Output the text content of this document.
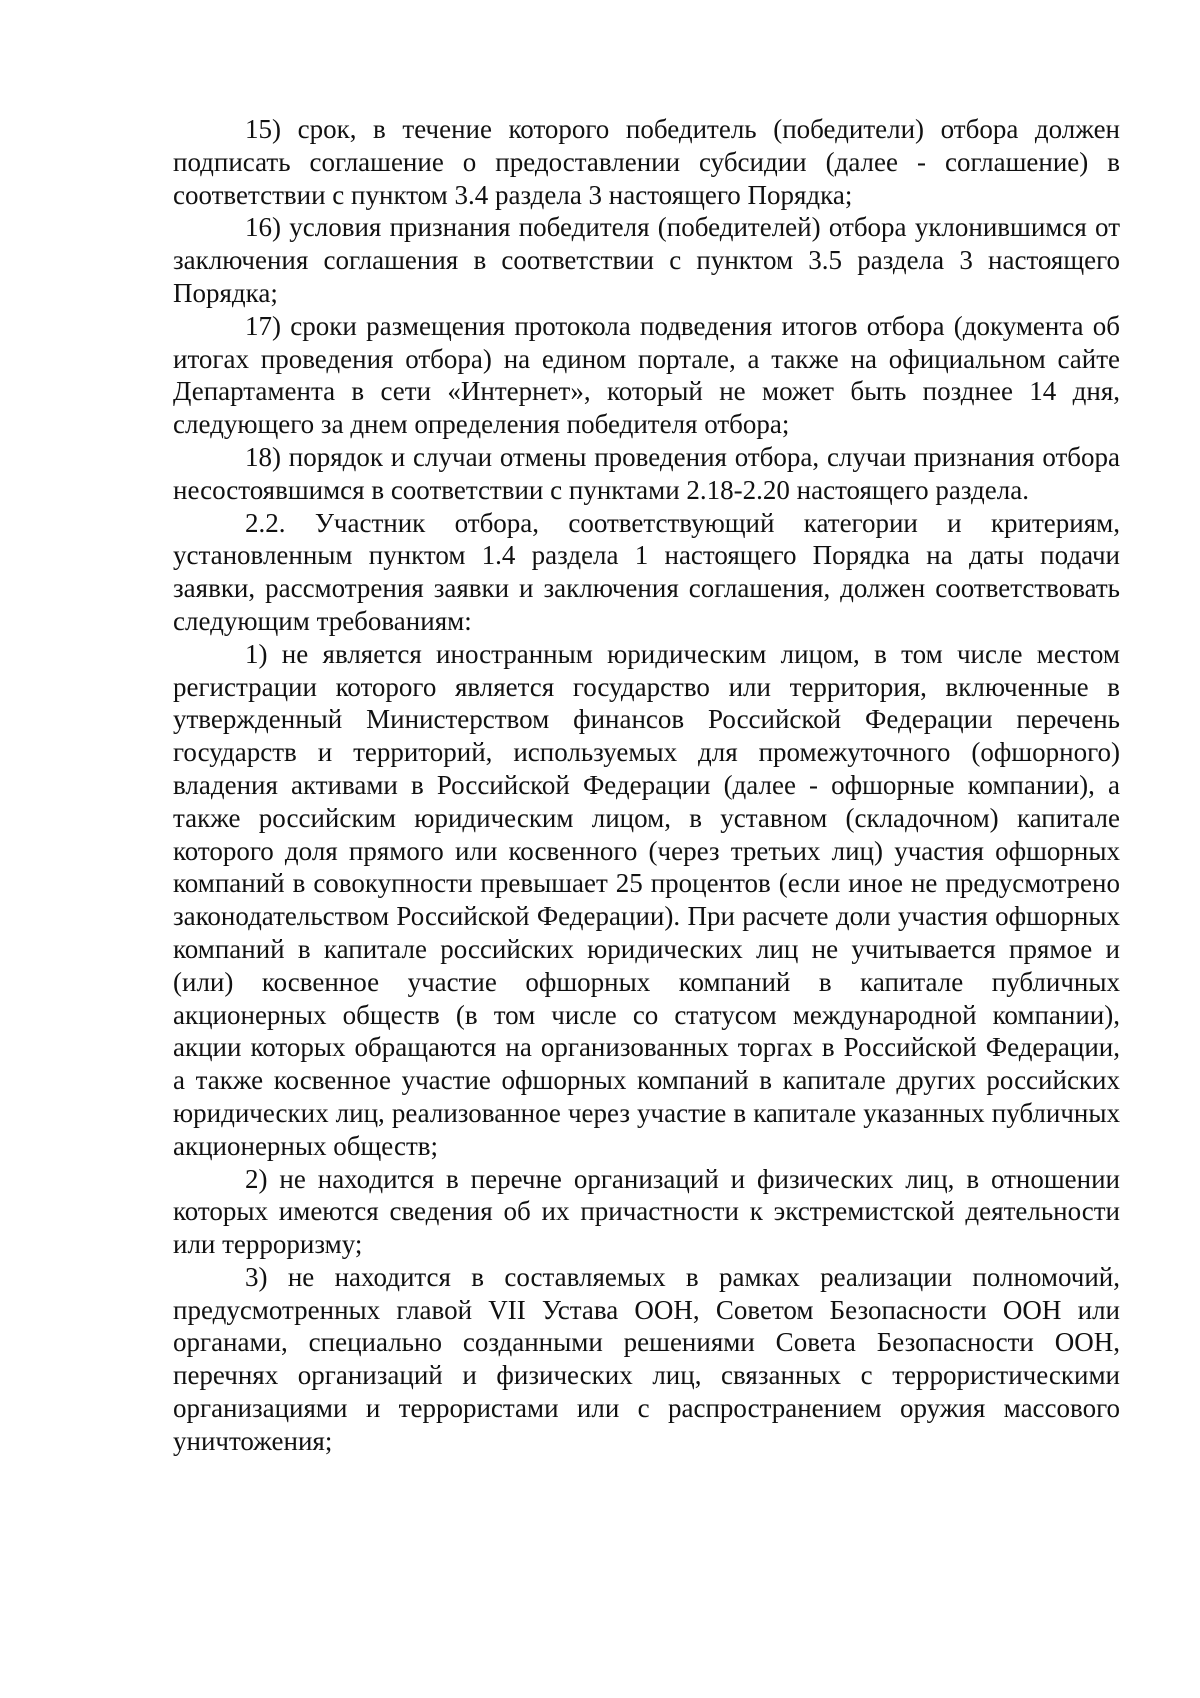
15) срок, в течение которого победитель (победители) отбора должен подписать соглашение о предоставлении субсидии (далее - соглашение) в соответствии с пунктом 3.4 раздела 3 настоящего Порядка;

16) условия признания победителя (победителей) отбора уклонившимся от заключения соглашения в соответствии с пунктом 3.5 раздела 3 настоящего Порядка;

17) сроки размещения протокола подведения итогов отбора (документа об итогах проведения отбора) на едином портале, а также на официальном сайте Департамента в сети «Интернет», который не может быть позднее 14 дня, следующего за днем определения победителя отбора;

18) порядок и случаи отмены проведения отбора, случаи признания отбора несостоявшимся в соответствии с пунктами 2.18-2.20 настоящего раздела.

2.2. Участник отбора, соответствующий категории и критериям, установленным пунктом 1.4 раздела 1 настоящего Порядка на даты подачи заявки, рассмотрения заявки и заключения соглашения, должен соответствовать следующим требованиям:

1) не является иностранным юридическим лицом, в том числе местом регистрации которого является государство или территория, включенные в утвержденный Министерством финансов Российской Федерации перечень государств и территорий, используемых для промежуточного (офшорного) владения активами в Российской Федерации (далее - офшорные компании), а также российским юридическим лицом, в уставном (складочном) капитале которого доля прямого или косвенного (через третьих лиц) участия офшорных компаний в совокупности превышает 25 процентов (если иное не предусмотрено законодательством Российской Федерации). При расчете доли участия офшорных компаний в капитале российских юридических лиц не учитывается прямое и (или) косвенное участие офшорных компаний в капитале публичных акционерных обществ (в том числе со статусом международной компании), акции которых обращаются на организованных торгах в Российской Федерации, а также косвенное участие офшорных компаний в капитале других российских юридических лиц, реализованное через участие в капитале указанных публичных акционерных обществ;

2) не находится в перечне организаций и физических лиц, в отношении которых имеются сведения об их причастности к экстремистской деятельности или терроризму;

3) не находится в составляемых в рамках реализации полномочий, предусмотренных главой VII Устава ООН, Советом Безопасности ООН или органами, специально созданными решениями Совета Безопасности ООН, перечнях организаций и физических лиц, связанных с террористическими организациями и террористами или с распространением оружия массового уничтожения;
